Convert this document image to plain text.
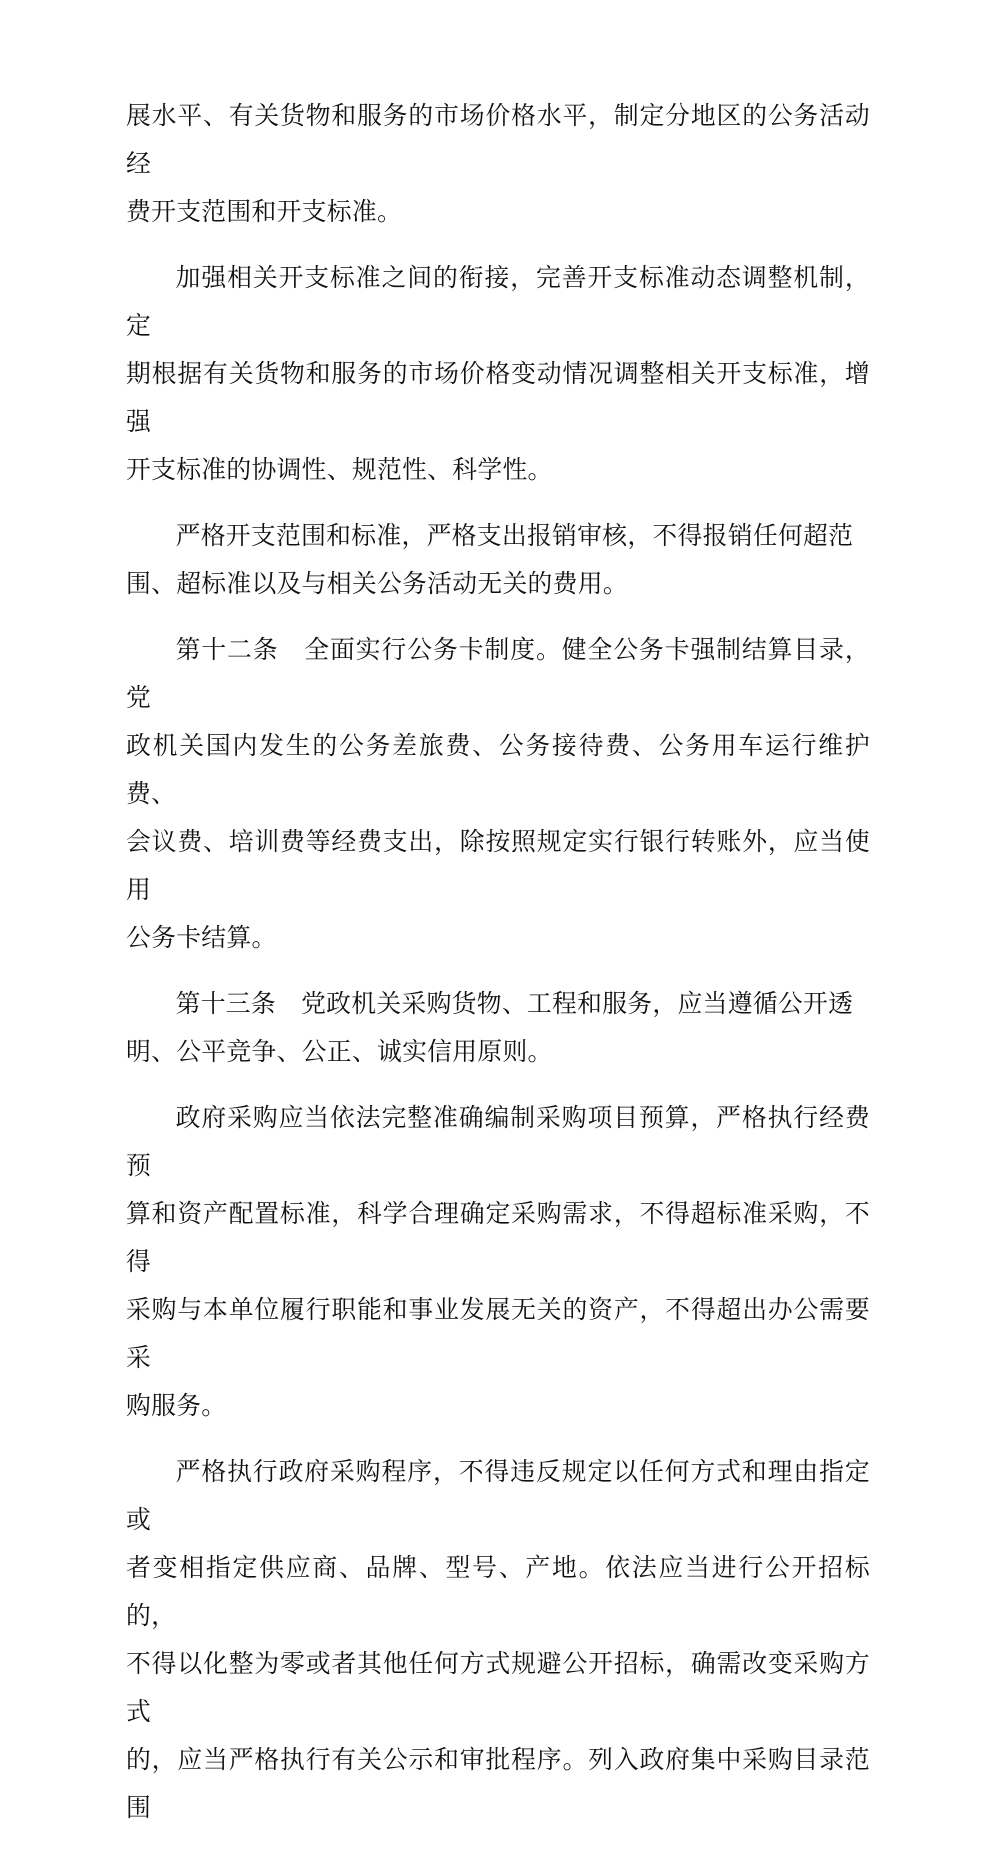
展水平、有关货物和服务的市场价格水平，制定分地区的公务活动经
费开支范围和开支标准。

加强相关开支标准之间的衔接，完善开支标准动态调整机制，定
期根据有关货物和服务的市场价格变动情况调整相关开支标准，增强
开支标准的协调性、规范性、科学性。

严格开支范围和标准，严格支出报销审核，不得报销任何超范
围、超标准以及与相关公务活动无关的费用。

第十二条　全面实行公务卡制度。健全公务卡强制结算目录，党
政机关国内发生的公务差旅费、公务接待费、公务用车运行维护费、
会议费、培训费等经费支出，除按照规定实行银行转账外，应当使用
公务卡结算。

第十三条　党政机关采购货物、工程和服务，应当遵循公开透
明、公平竞争、公正、诚实信用原则。

政府采购应当依法完整准确编制采购项目预算，严格执行经费预
算和资产配置标准，科学合理确定采购需求，不得超标准采购，不得
采购与本单位履行职能和事业发展无关的资产，不得超出办公需要采
购服务。

严格执行政府采购程序，不得违反规定以任何方式和理由指定或
者变相指定供应商、品牌、型号、产地。依法应当进行公开招标的，
不得以化整为零或者其他任何方式规避公开招标，确需改变采购方式
的，应当严格执行有关公示和审批程序。列入政府集中采购目录范围
